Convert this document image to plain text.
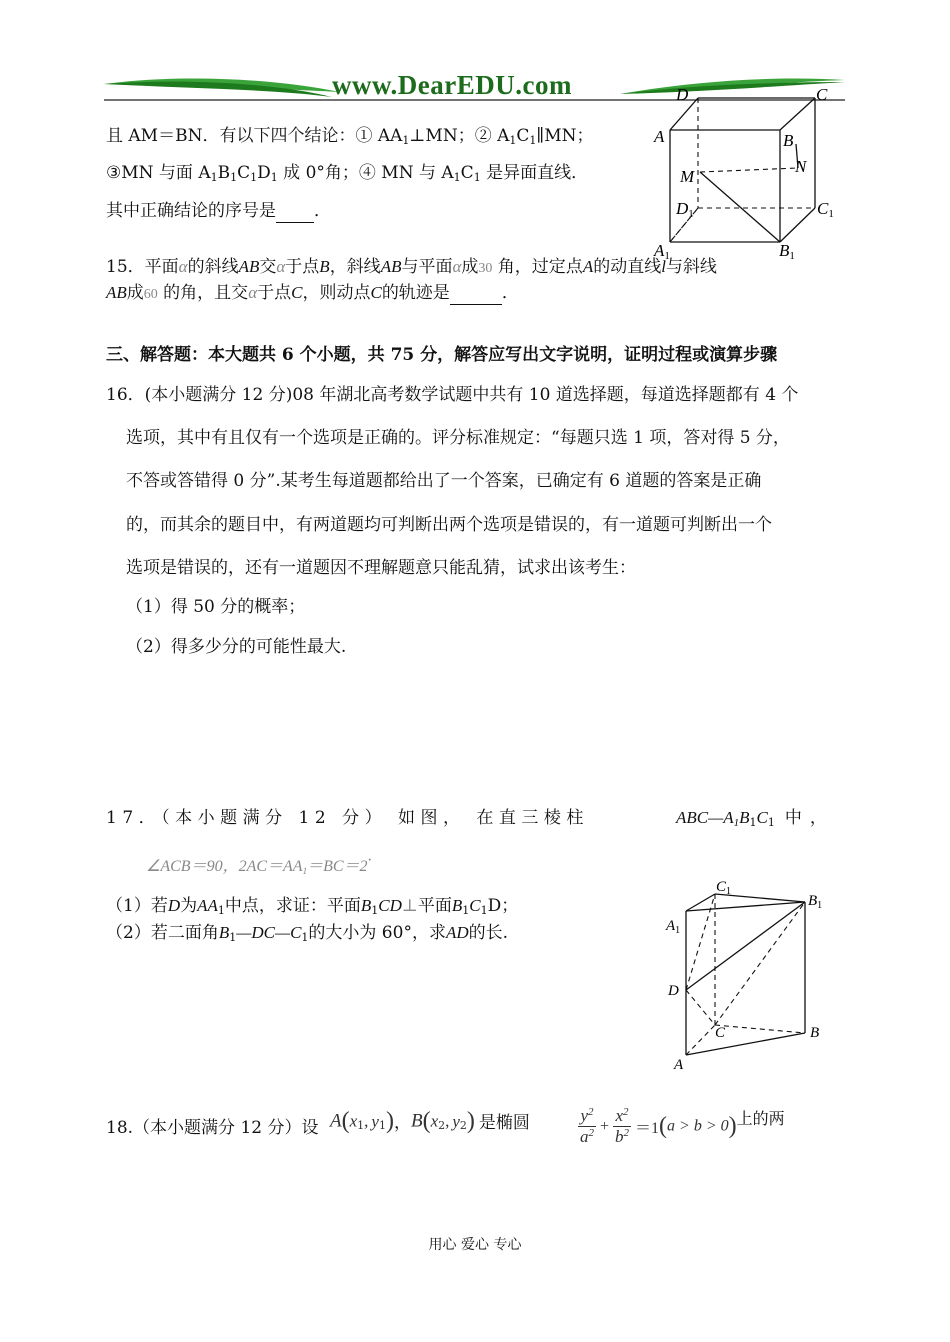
www.DearEDU.com
且 AM＝BN．有以下四个结论：① $AA_1\perp MN$；② $A_1C_1\parallel MN$；
③MN 与面 $A_1B_1C_1D_1$ 成 0°角；④ MN 与 $A_1C_1$ 是异面直线．
其中正确结论的序号是 ．
D	C
A	B
N
M
D1	C1
A1	B1
15．平面α的斜线AB交α于点B，斜线AB与平面α成30 角，过定点A的动直线l与斜线
AB成60 的角，且交α于点C，则动点C的轨迹是	．
三、解答题：本大题共 6 个小题，共 75 分，解答应写出文字说明，证明过程或演算步骤
16．(本小题满分 12 分)08 年湖北高考数学试题中共有 10 道选择题，每道选择题都有 4 个
选项，其中有且仅有一个选项是正确的。评分标准规定：“每题只选 1 项，答对得 5 分，
不答或答错得 0 分”.某考生每道题都给出了一个答案，已确定有 6 道题的答案是正确
的，而其余的题目中，有两道题均可判断出两个选项是错误的，有一道题可判断出一个
选项是错误的，还有一道题因不理解题意只能乱猜，试求出该考生：
（1）得 50 分的概率；
（2）得多少分的可能性最大.
17．（本小题满分 12 分） 如图， 在直三棱柱	$ABC—A_1B_1C_1$ 中，
∠ACB＝90，$2AC=AA_1=BC=2\cdot$
（1）若D为$AA_1$中点，求证：平面$B_1CD\perp$平面$B_1C_1D$；
（2）若二面角$B_1—DC—C_1$的大小为 60°，求AD的长.
$C_1$
$B_1$
$A_1$
D
C	B
A
18.（本小题满分 12 分）设 $A(x_1$, $y_1$)，$B(x_2$, $y_2$) 是椭圆	$\frac{y^2}{a^2} + \frac{x^2}{b^2} =1(a > b > 0)$上的两
用心 爱心 专心
